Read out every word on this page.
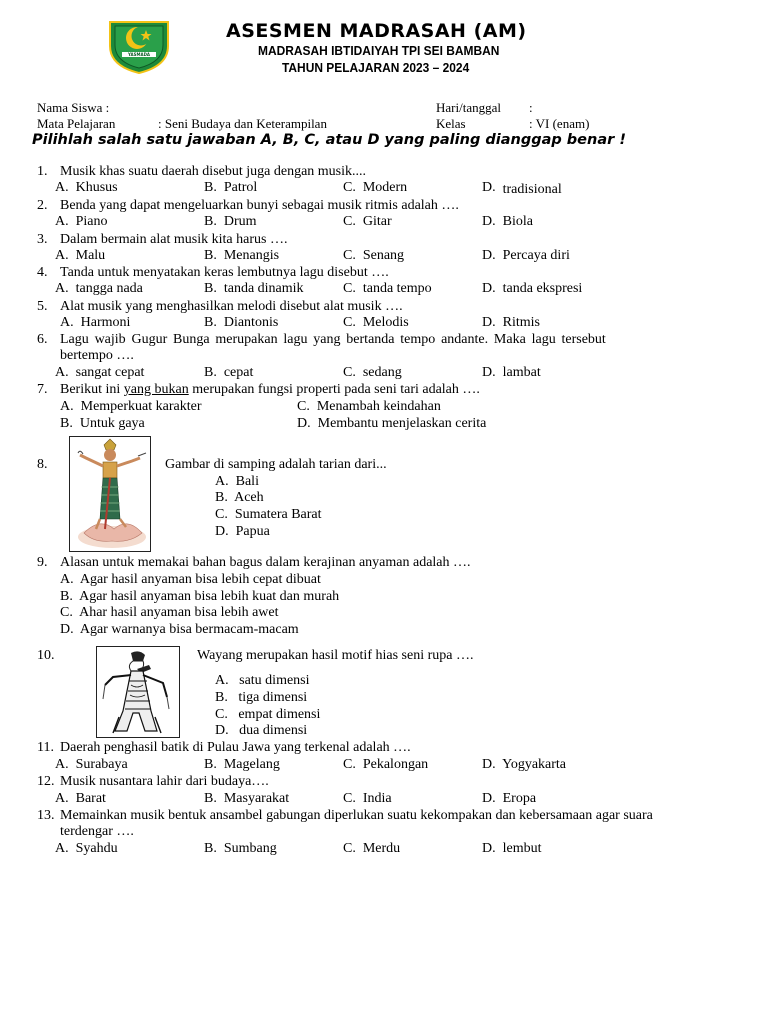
YASMADA
ASESMEN MADRASAH (AM)
MADRASAH IBTIDAIYAH TPI SEI BAMBAN
TAHUN PELAJARAN 2023 – 2024
Nama Siswa :
Mata Pelajaran	: Seni Budaya dan Keterampilan
Hari/tanggal :
Kelas	: VI (enam)
Pilihlah salah satu jawaban A, B, C, atau D yang paling dianggap benar !
1. Musik khas suatu daerah disebut juga dengan musik....
A. Khusus	B. Patrol	C. Modern	D. tradisional
2. Benda yang dapat mengeluarkan bunyi sebagai musik ritmis adalah ….
A. Piano	B. Drum	C. Gitar	D. Biola
3. Dalam bermain alat musik kita harus ….
A. Malu	B. Menangis	C. Senang	D. Percaya diri
4. Tanda untuk menyatakan keras lembutnya lagu disebut ….
A. tangga nada	B. tanda dinamik	C. tanda tempo	D. tanda ekspresi
5. Alat musik yang menghasilkan melodi disebut alat musik ….
A. Harmoni	B. Diantonis	C. Melodis	D. Ritmis
6. Lagu wajib Gugur Bunga merupakan lagu yang bertanda tempo andante. Maka lagu tersebut
bertempo ….
A. sangat cepat	B. cepat	C. sedang	D. lambat
7. Berikut ini yang bukan merupakan fungsi properti pada seni tari adalah ….
A. Memperkuat karakter
B. Untuk gaya
C. Menambah keindahan
D. Membantu menjelaskan cerita
8.	Gambar di samping adalah tarian dari...
A. Bali
B. Aceh
C. Sumatera Barat
D. Papua
9. Alasan untuk memakai bahan bagus dalam kerajinan anyaman adalah ….
A. Agar hasil anyaman bisa lebih cepat dibuat
B. Agar hasil anyaman bisa lebih kuat dan murah
C. Ahar hasil anyaman bisa lebih awet
D. Agar warnanya bisa bermacam-macam
10.	Wayang merupakan hasil motif hias seni rupa ….
A. satu dimensi
B. tiga dimensi
C. empat dimensi
D. dua dimensi
11. Daerah penghasil batik di Pulau Jawa yang terkenal adalah ….
A. Surabaya	B. Magelang	C. Pekalongan	D. Yogyakarta
12. Musik nusantara lahir dari budaya….
A. Barat	B. Masyarakat	C. India	D. Eropa
13. Memainkan musik bentuk ansambel gabungan diperlukan suatu kekompakan dan kebersamaan agar suara
terdengar ….
A. Syahdu	B. Sumbang	C. Merdu	D. lembut
